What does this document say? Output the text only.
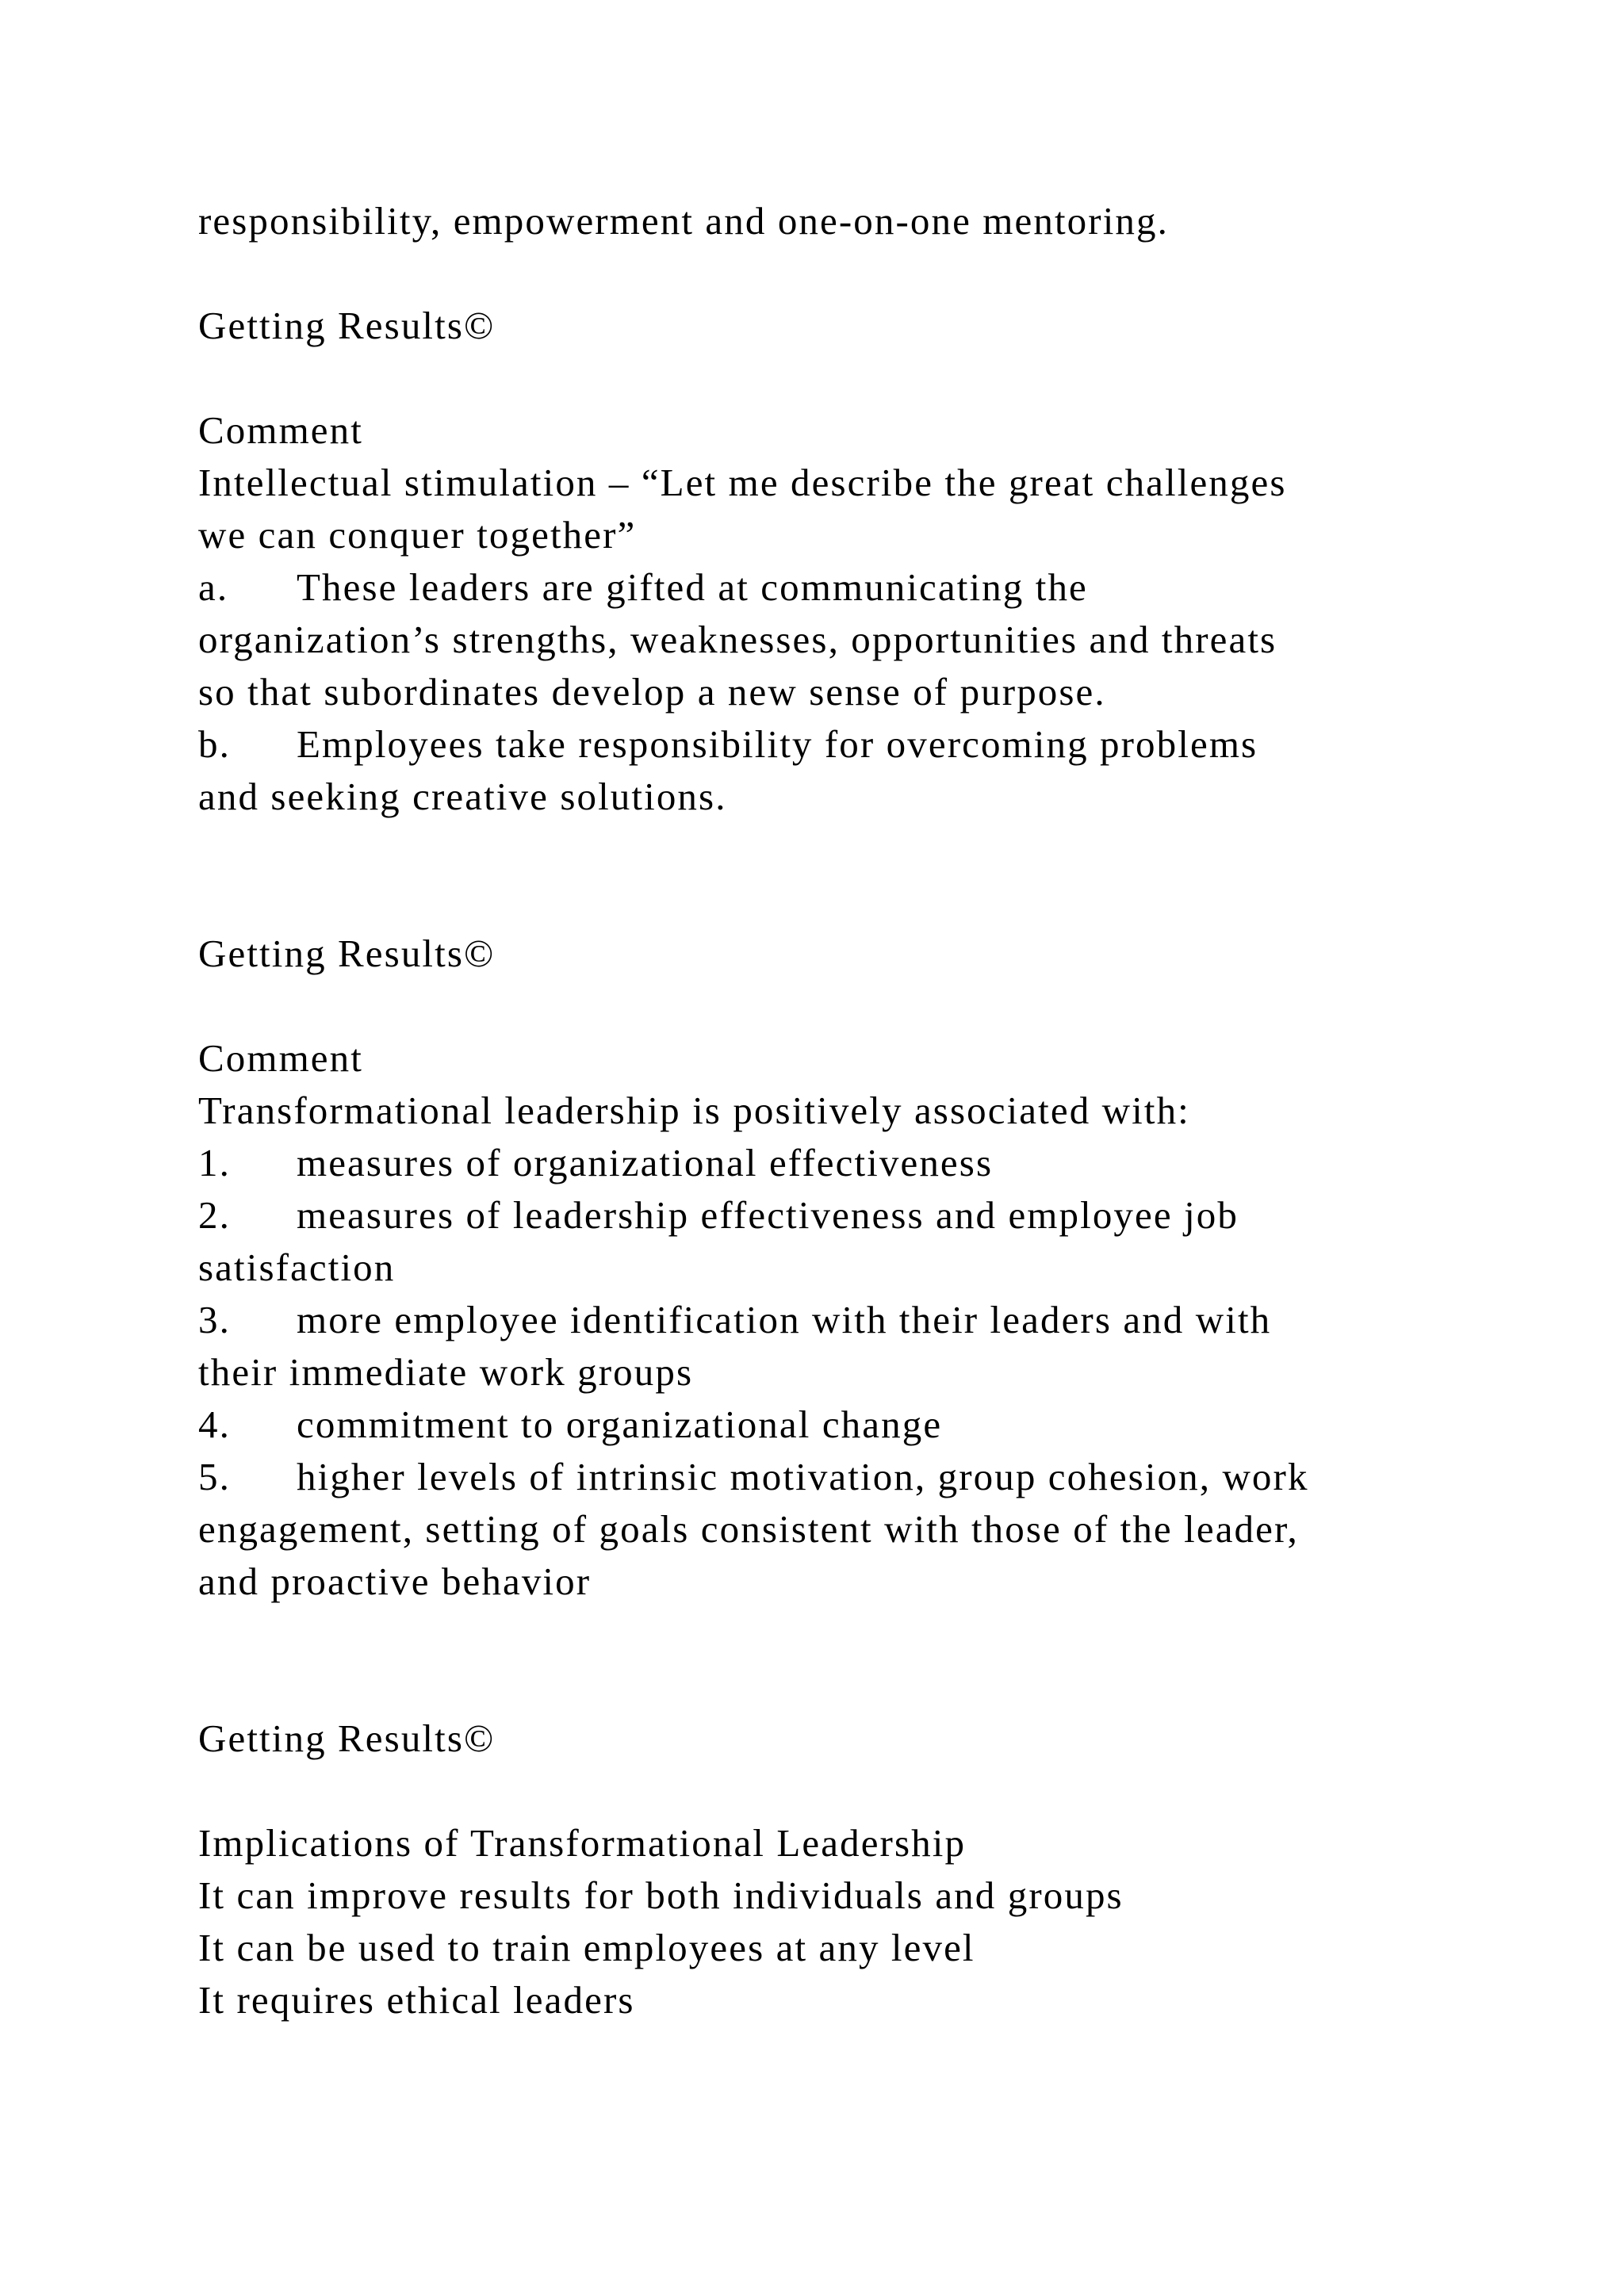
responsibility, empowerment and one-on-one mentoring.
Getting Results©
Comment
Intellectual stimulation – “Let me describe the great challenges
we can conquer together”
a. These leaders are gifted at communicating the
organization’s strengths, weaknesses, opportunities and threats
so that subordinates develop a new sense of purpose.
b. Employees take responsibility for overcoming problems
and seeking creative solutions.
Getting Results©
Comment
Transformational leadership is positively associated with:
1. measures of organizational effectiveness
2. measures of leadership effectiveness and employee job
satisfaction
3. more employee identification with their leaders and with
their immediate work groups
4. commitment to organizational change
5. higher levels of intrinsic motivation, group cohesion, work
engagement, setting of goals consistent with those of the leader,
and proactive behavior
Getting Results©
Implications of Transformational Leadership
It can improve results for both individuals and groups
It can be used to train employees at any level
It requires ethical leaders
